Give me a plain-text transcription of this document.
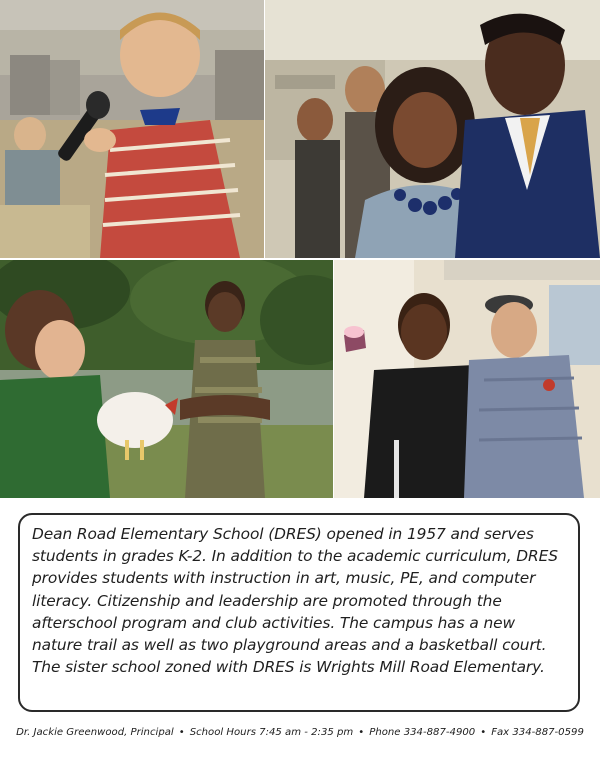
Dean Road Elementary School (DRES) opened in 1957 and serves students in grades K-2. In addition to the academic curriculum, DRES provides students with instruction in art, music, PE, and computer literacy. Citizenship and leadership are promoted through the afterschool program and club activities. The campus has a new nature trail as well as two playground areas and a basketball court. The sister school zoned with DRES is Wrights Mill Road Elementary.

Dr. Jackie Greenwood, Principal • School Hours 7:45 am - 2:35 pm • Phone 334-887-4900 • Fax 334-887-0599
